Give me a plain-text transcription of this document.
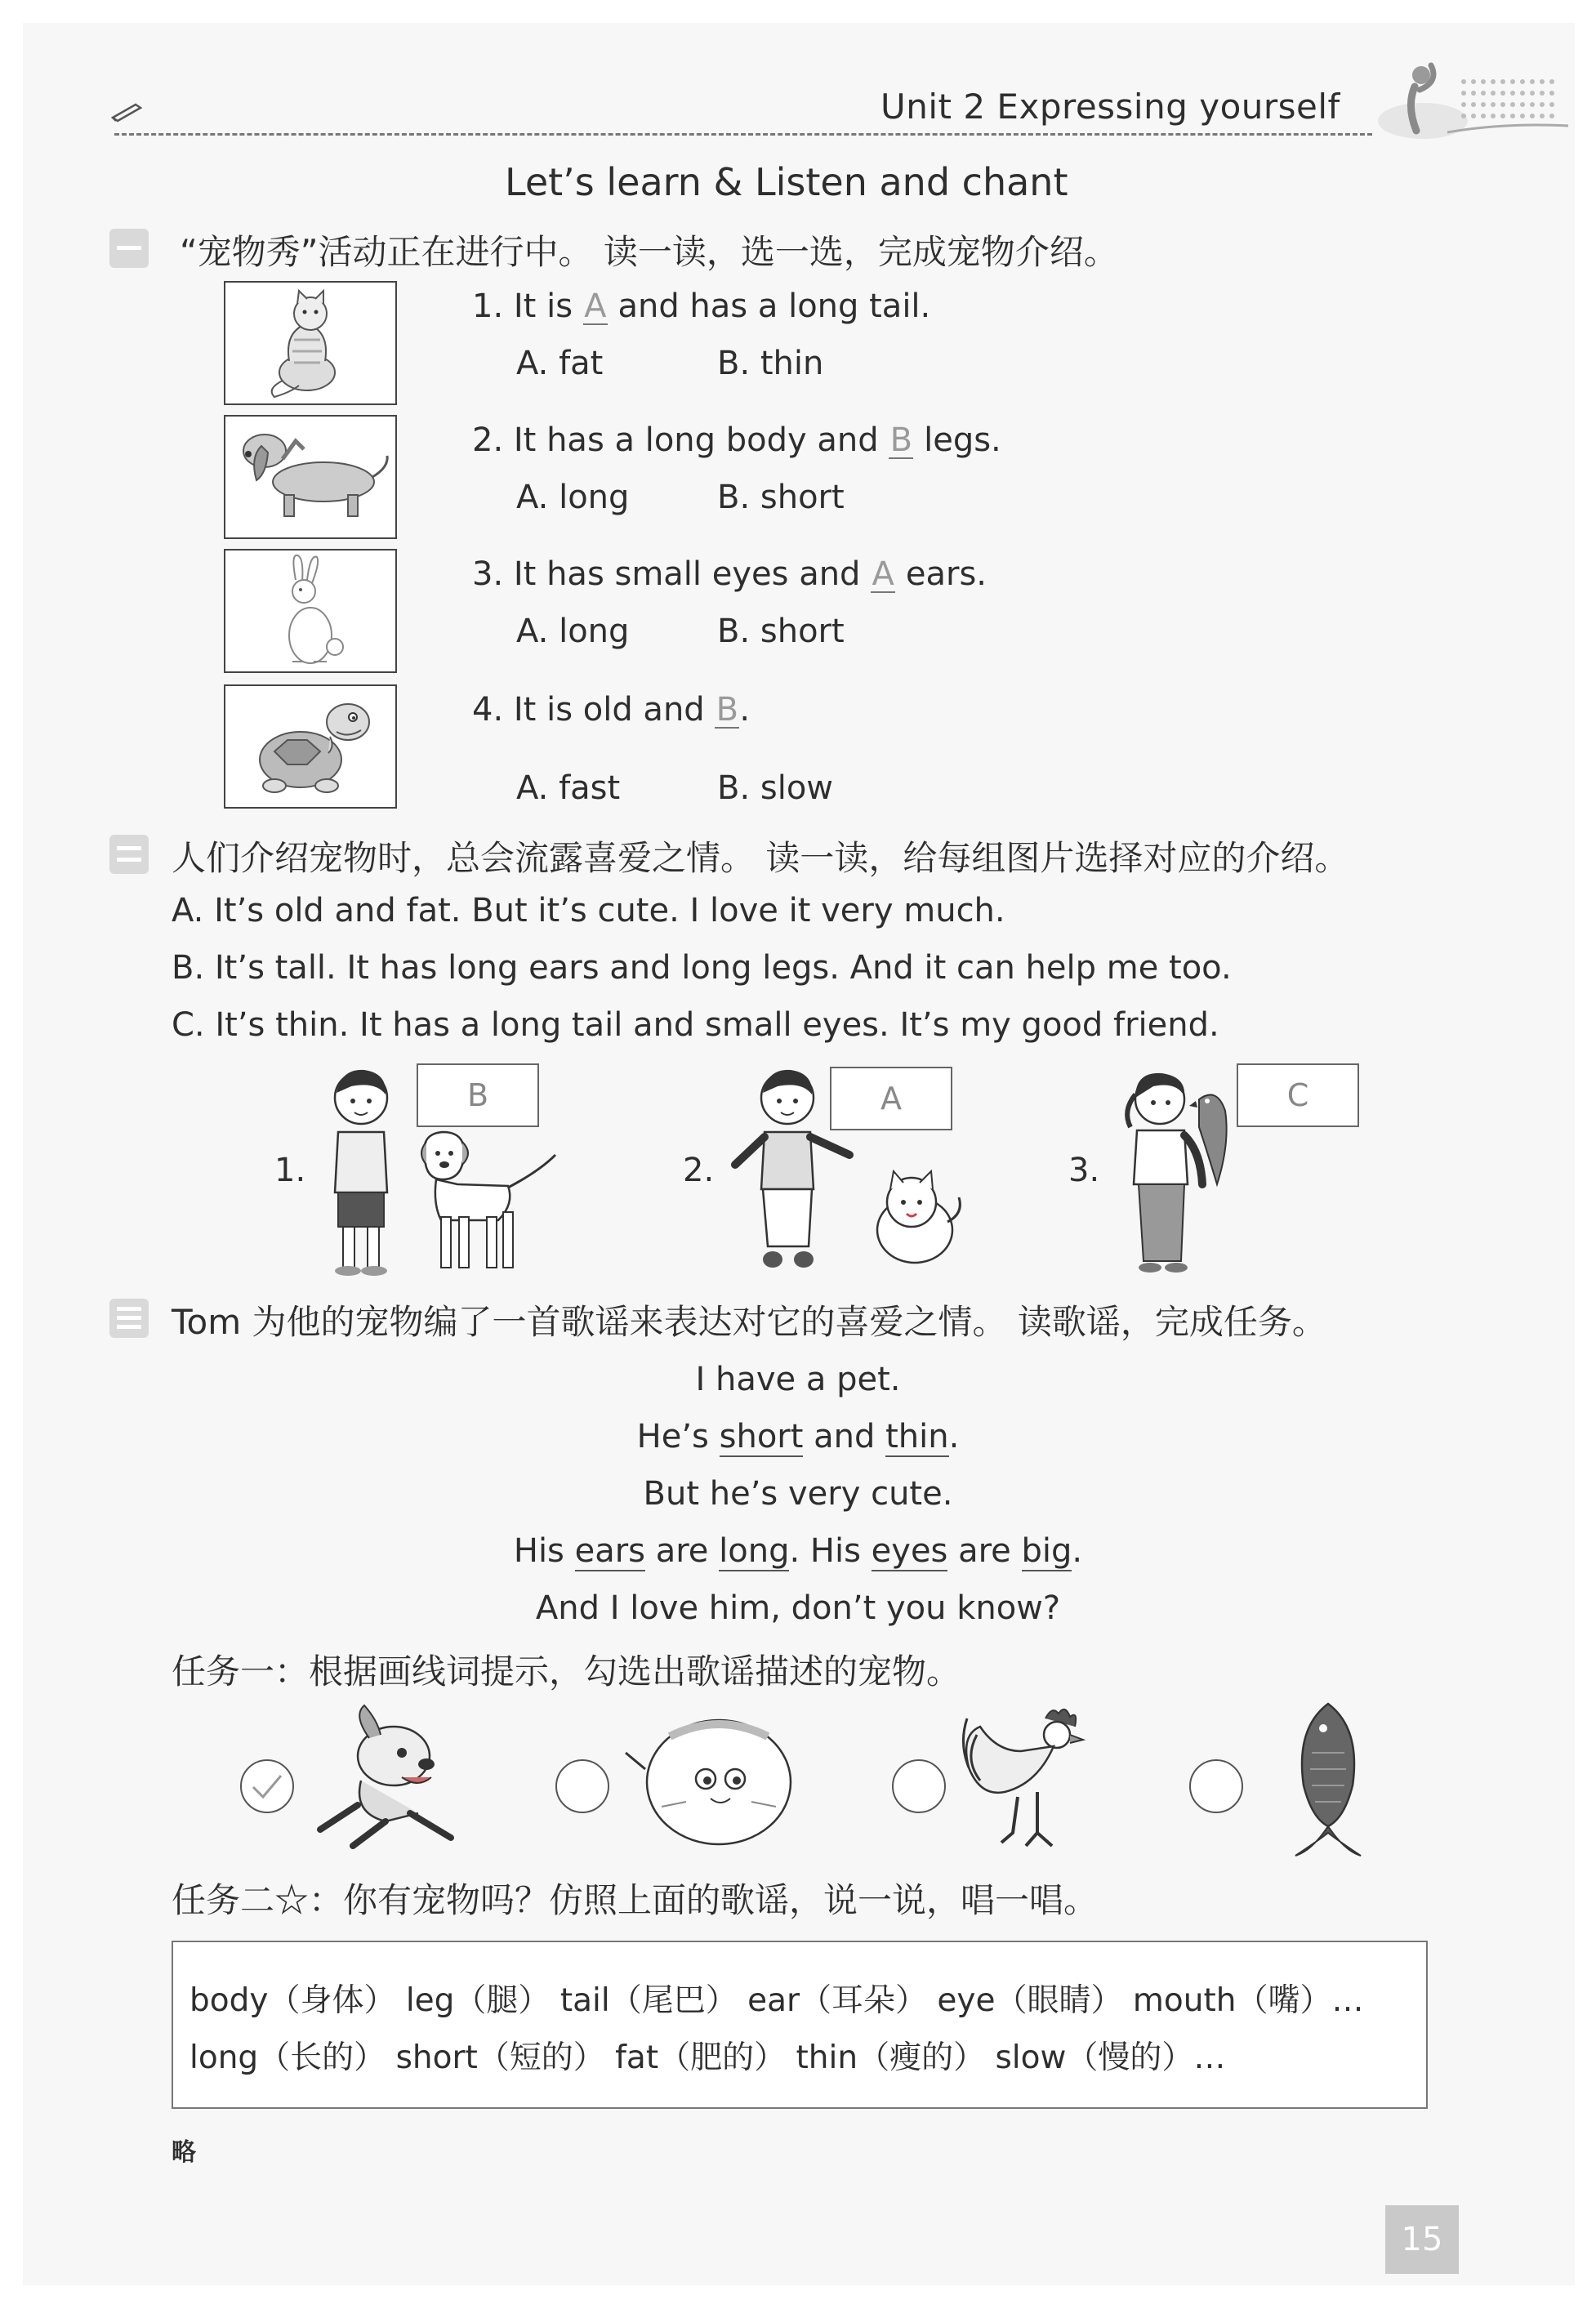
Unit 2 Expressing yourself
Let’s learn & Listen and chant
“宠物秀”活动正在进行中。 读一读，选一选，完成宠物介绍。
1. It is A and has a long tail.
A. fat	B. thin
2. It has a long body and B legs.
A. long	B. short
3. It has small eyes and A ears.
A. long	B. short
4. It is old and B.
A. fast	B. slow
人们介绍宠物时，总会流露喜爱之情。 读一读，给每组图片选择对应的介绍。
A. It’s old and fat. But it’s cute. I love it very much.
B. It’s tall. It has long ears and long legs. And it can help me too.
C. It’s thin. It has a long tail and small eyes. It’s my good friend.
1.
B
2.
A
3.
C
Tom 为他的宠物编了一首歌谣来表达对它的喜爱之情。 读歌谣，完成任务。
I have a pet.
He’s short and thin.
But he’s very cute.
His ears are long. His eyes are big.
And I love him, don’t you know?
任务一：根据画线词提示，勾选出歌谣描述的宠物。
任务二☆：你有宠物吗？仿照上面的歌谣，说一说，唱一唱。
body（身体） leg（腿） tail（尾巴） ear（耳朵） eye（眼睛） mouth（嘴）…
long（长的） short（短的） fat（肥的） thin（瘦的） slow（慢的）…
略
15
